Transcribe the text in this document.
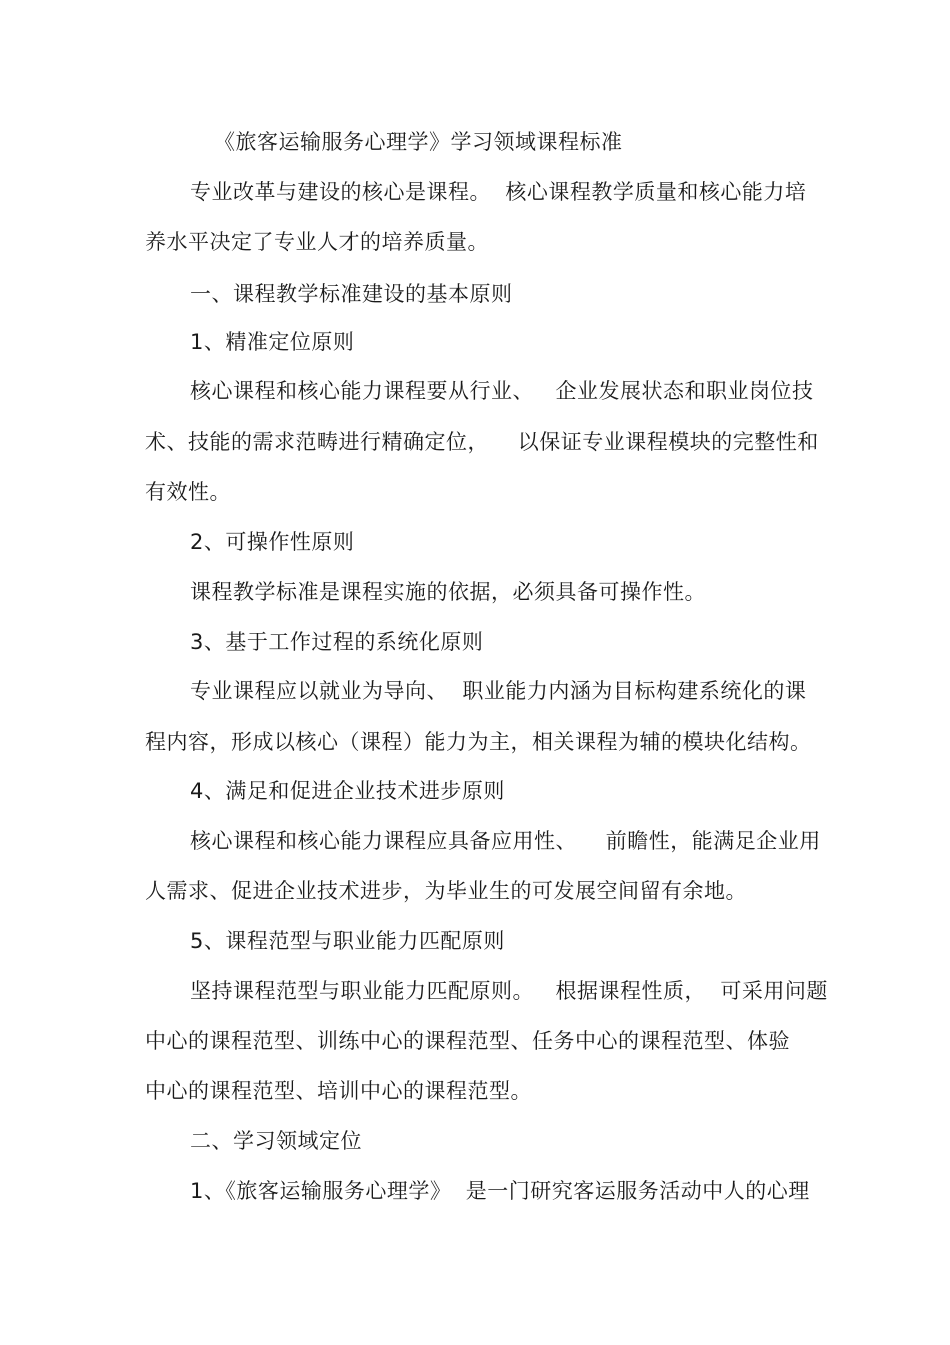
《旅客运输服务心理学》学习领域课程标准
专业改革与建设的核心是课程。  核心课程教学质量和核心能力培
养水平决定了专业人才的培养质量。
一、课程教学标准建设的基本原则
1、精准定位原则
核心课程和核心能力课程要从行业、   企业发展状态和职业岗位技
术、技能的需求范畴进行精确定位，    以保证专业课程模块的完整性和
有效性。
2、可操作性原则
课程教学标准是课程实施的依据，必须具备可操作性。
3、基于工作过程的系统化原则
专业课程应以就业为导向、  职业能力内涵为目标构建系统化的课
程内容，形成以核心（课程）能力为主，相关课程为辅的模块化结构。
4、满足和促进企业技术进步原则
核心课程和核心能力课程应具备应用性、    前瞻性，能满足企业用
人需求、促进企业技术进步，为毕业生的可发展空间留有余地。
5、课程范型与职业能力匹配原则
坚持课程范型与职业能力匹配原则。   根据课程性质，  可采用问题
中心的课程范型、训练中心的课程范型、任务中心的课程范型、体验
中心的课程范型、培训中心的课程范型。
二、学习领域定位
1、《旅客运输服务心理学》  是一门研究客运服务活动中人的心理
